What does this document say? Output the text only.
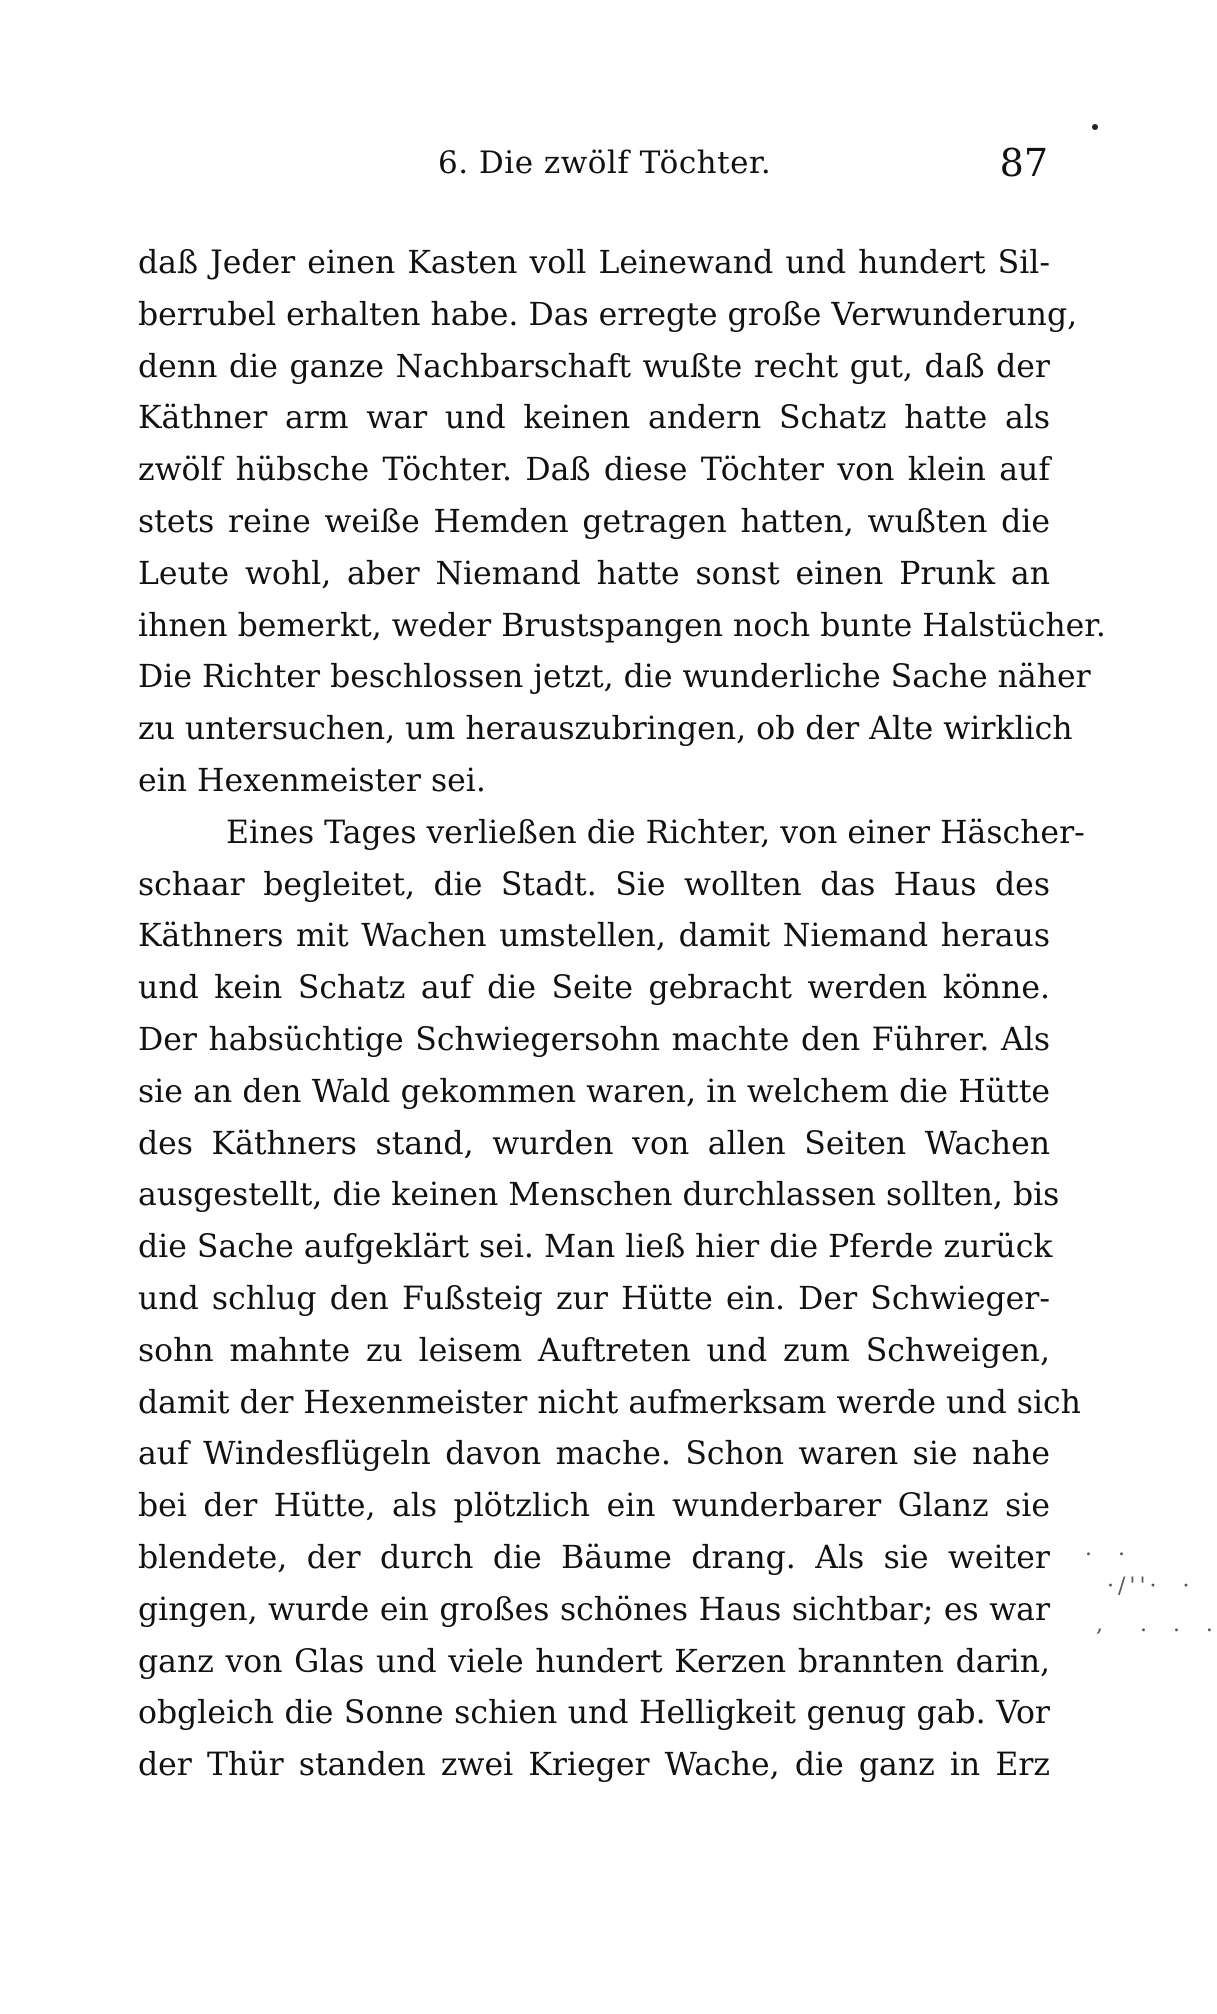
6. Die zwölf Töchter.	87
daß Jeder einen Kasten voll Leinewand und hundert Sil-
berrubel erhalten habe. Das erregte große Verwunderung,
denn die ganze Nachbarschaft wußte recht gut, daß der
Käthner arm war und keinen andern Schatz hatte als
zwölf hübsche Töchter. Daß diese Töchter von klein auf
stets reine weiße Hemden getragen hatten, wußten die
Leute wohl, aber Niemand hatte sonst einen Prunk an
ihnen bemerkt, weder Brustspangen noch bunte Halstücher.
Die Richter beschlossen jetzt, die wunderliche Sache näher
zu untersuchen, um herauszubringen, ob der Alte wirklich
ein Hexenmeister sei.
Eines Tages verließen die Richter, von einer Häscher-
schaar begleitet, die Stadt. Sie wollten das Haus des
Käthners mit Wachen umstellen, damit Niemand heraus
und kein Schatz auf die Seite gebracht werden könne.
Der habsüchtige Schwiegersohn machte den Führer. Als
sie an den Wald gekommen waren, in welchem die Hütte
des Käthners stand, wurden von allen Seiten Wachen
ausgestellt, die keinen Menschen durchlassen sollten, bis
die Sache aufgeklärt sei. Man ließ hier die Pferde zurück
und schlug den Fußsteig zur Hütte ein. Der Schwieger-
sohn mahnte zu leisem Auftreten und zum Schweigen,
damit der Hexenmeister nicht aufmerksam werde und sich
auf Windesflügeln davon mache. Schon waren sie nahe
bei der Hütte, als plötzlich ein wunderbarer Glanz sie
blendete, der durch die Bäume drang. Als sie weiter
gingen, wurde ein großes schönes Haus sichtbar; es war
ganz von Glas und viele hundert Kerzen brannten darin,
obgleich die Sonne schien und Helligkeit genug gab. Vor
der Thür standen zwei Krieger Wache, die ganz in Erz
.  .
·/''·  ·
,   .  .  .
